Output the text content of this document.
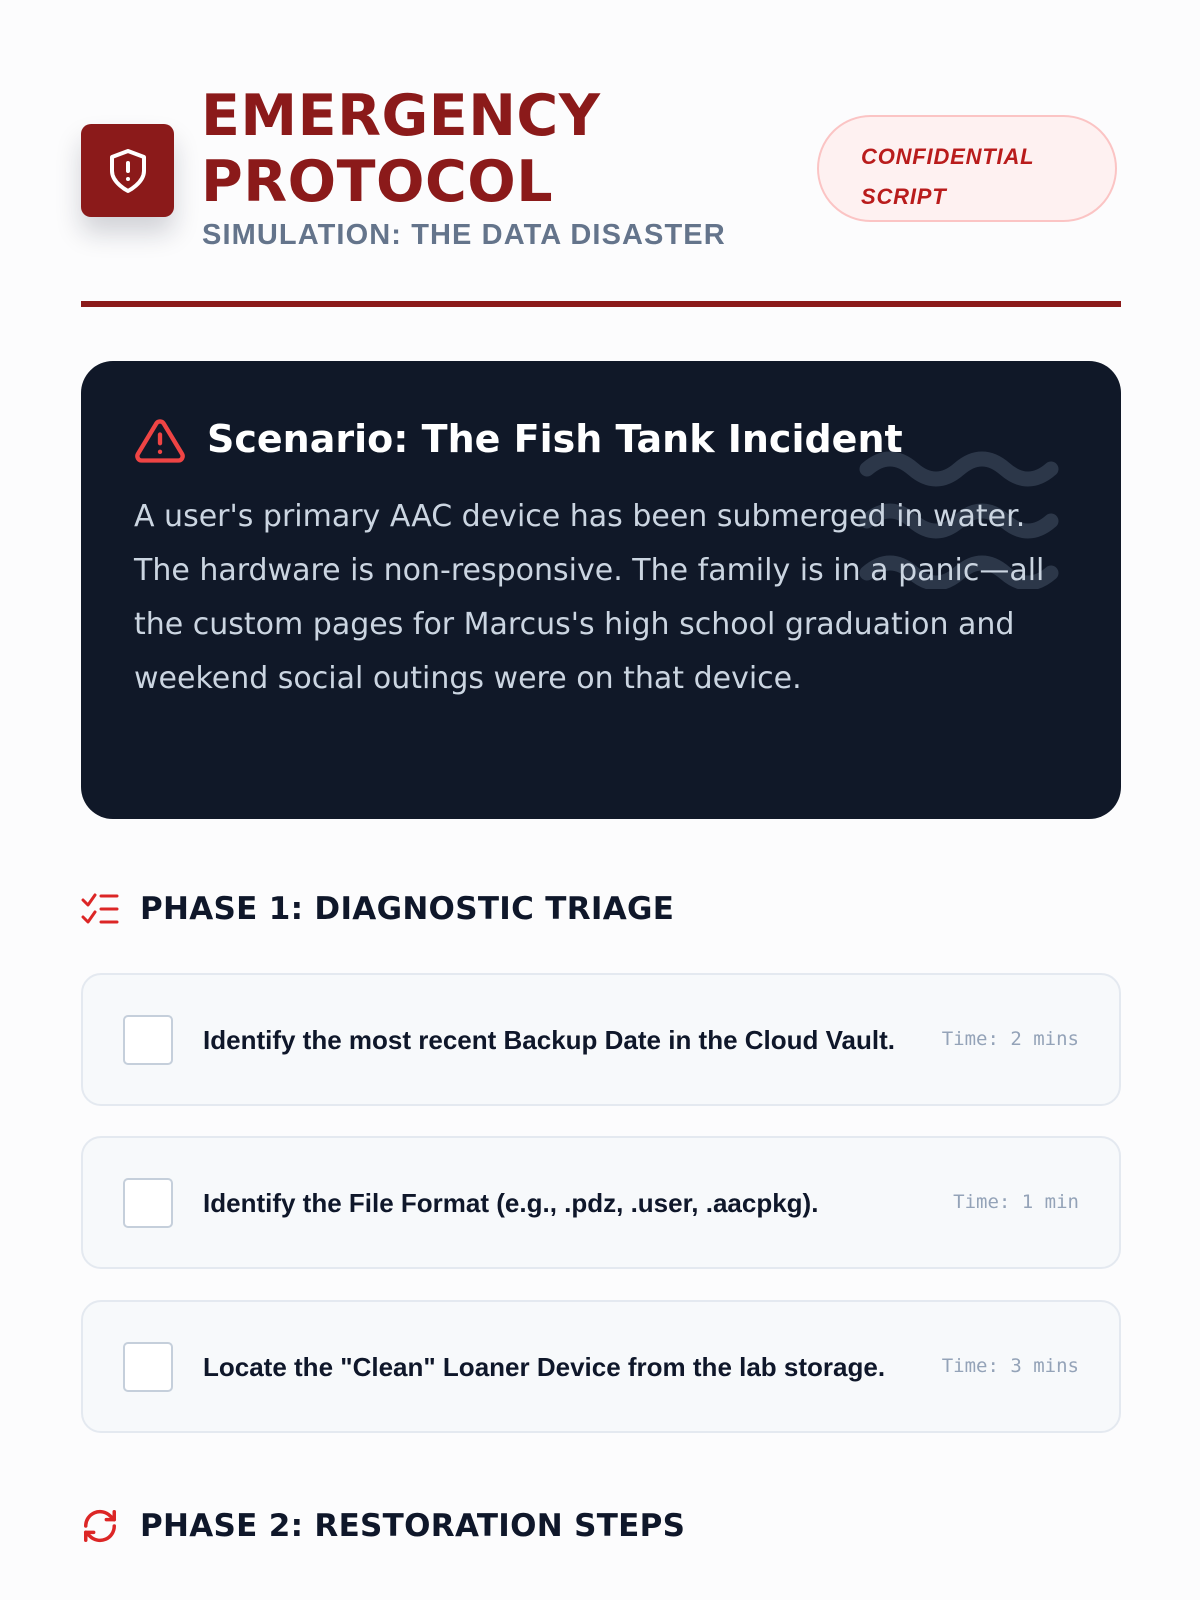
EMERGENCY
PROTOCOL
SIMULATION: THE DATA DISASTER
CONFIDENTIAL
SCRIPT
Scenario: The Fish Tank Incident

A user's primary AAC device has been submerged in water. The hardware is non-responsive. The family is in a panic—all the custom pages for Marcus's high school graduation and weekend social outings were on that device.

PHASE 1: DIAGNOSTIC TRIAGE
Identify the most recent Backup Date in the Cloud Vault. Time: 2 mins
Identify the File Format (e.g., .pdz, .user, .aacpkg).	Time: 1 min
Locate the "Clean" Loaner Device from the lab storage.	Time: 3 mins
PHASE 2: RESTORATION STEPS
